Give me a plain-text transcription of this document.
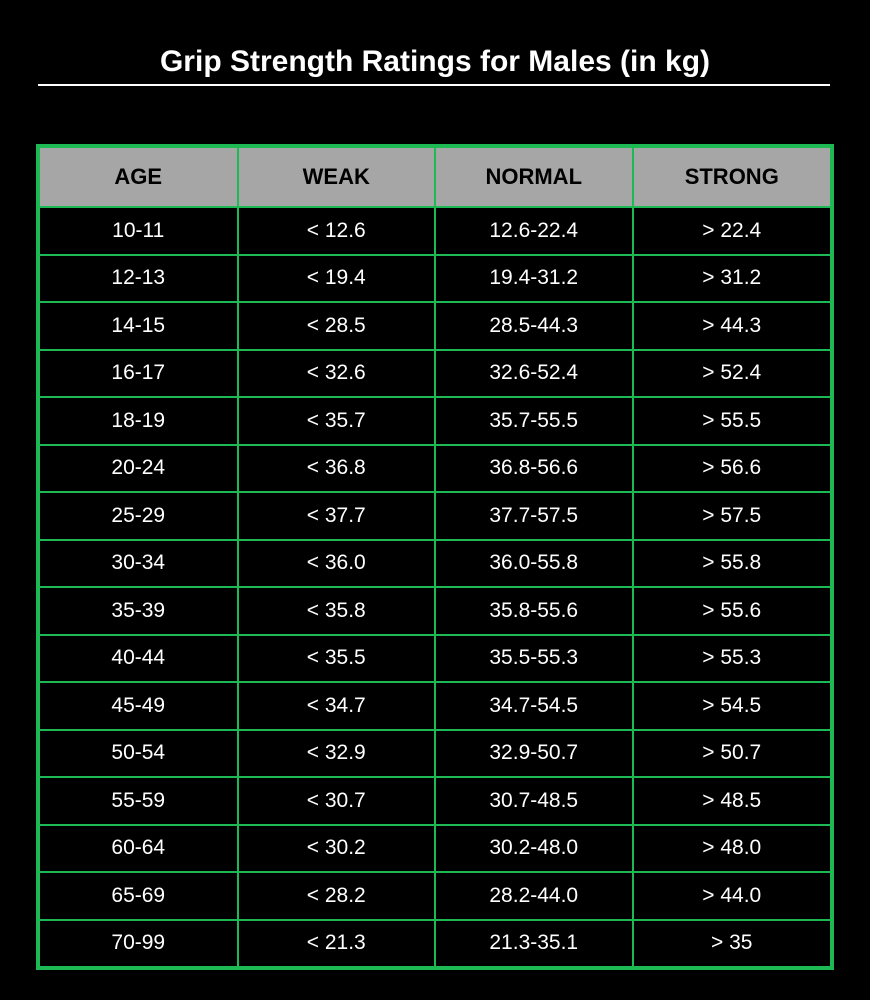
Grip Strength Ratings for Males (in kg)
AGE	WEAK	NORMAL	STRONG
10-11	< 12.6	12.6-22.4	> 22.4
12-13	< 19.4	19.4-31.2	> 31.2
14-15	< 28.5	28.5-44.3	> 44.3
16-17	< 32.6	32.6-52.4	> 52.4
18-19	< 35.7	35.7-55.5	> 55.5
20-24	< 36.8	36.8-56.6	> 56.6
25-29	< 37.7	37.7-57.5	> 57.5
30-34	< 36.0	36.0-55.8	> 55.8
35-39	< 35.8	35.8-55.6	> 55.6
40-44	< 35.5	35.5-55.3	> 55.3
45-49	< 34.7	34.7-54.5	> 54.5
50-54	< 32.9	32.9-50.7	> 50.7
55-59	< 30.7	30.7-48.5	> 48.5
60-64	< 30.2	30.2-48.0	> 48.0
65-69	< 28.2	28.2-44.0	> 44.0
70-99	< 21.3	21.3-35.1	> 35
